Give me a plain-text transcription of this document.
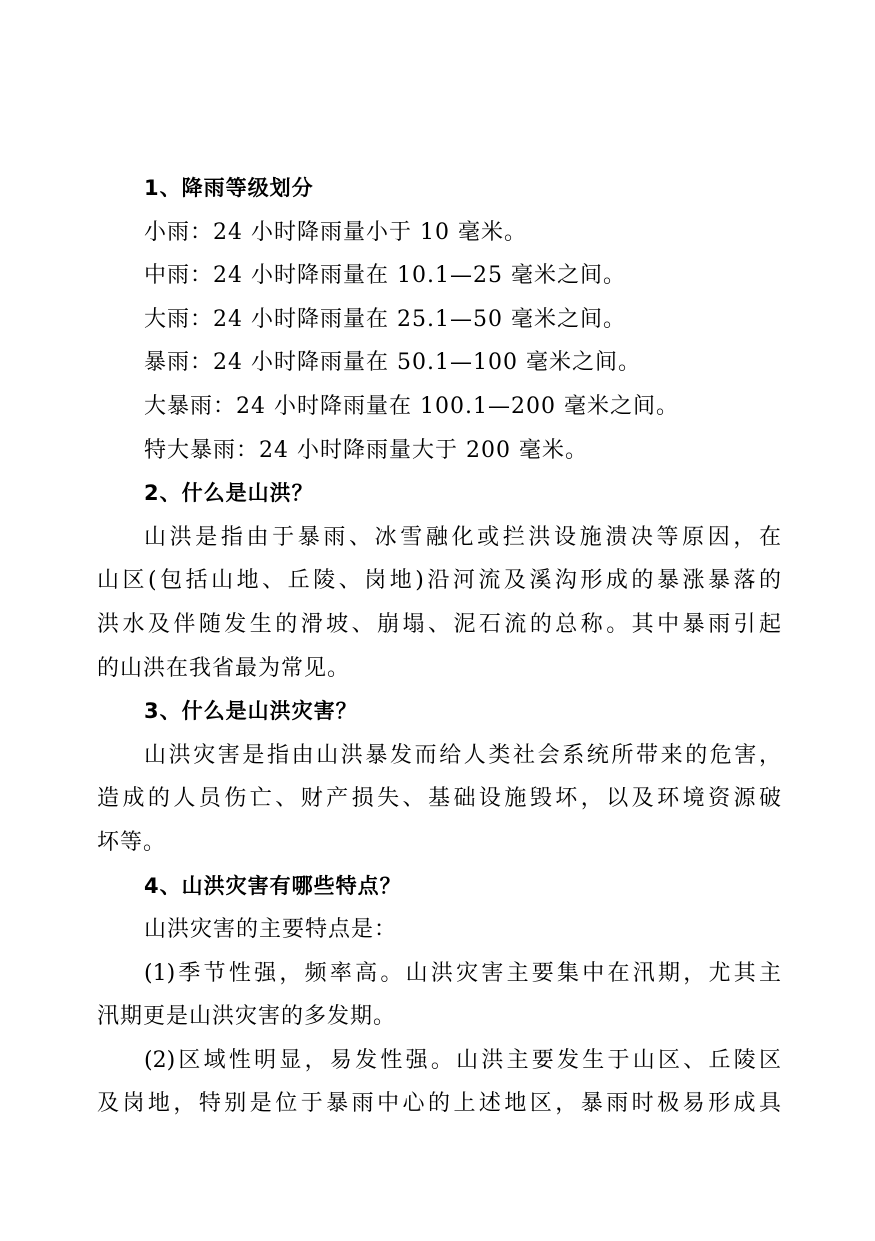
1、降雨等级划分
小雨：24 小时降雨量小于 10 毫米。
中雨：24 小时降雨量在 10.1—25 毫米之间。
大雨：24 小时降雨量在 25.1—50 毫米之间。
暴雨：24 小时降雨量在 50.1—100 毫米之间。
大暴雨：24 小时降雨量在 100.1—200 毫米之间。
特大暴雨：24 小时降雨量大于 200 毫米。
2、什么是山洪？
山洪是指由于暴雨、冰雪融化或拦洪设施溃决等原因，在
山区(包括山地、丘陵、岗地)沿河流及溪沟形成的暴涨暴落的
洪水及伴随发生的滑坡、崩塌、泥石流的总称。其中暴雨引起
的山洪在我省最为常见。
3、什么是山洪灾害？
山洪灾害是指由山洪暴发而给人类社会系统所带来的危害，
造成的人员伤亡、财产损失、基础设施毁坏，以及环境资源破
坏等。
4、山洪灾害有哪些特点？
山洪灾害的主要特点是：
(1)季节性强，频率高。山洪灾害主要集中在汛期，尤其主
汛期更是山洪灾害的多发期。
(2)区域性明显，易发性强。山洪主要发生于山区、丘陵区
及岗地，特别是位于暴雨中心的上述地区，暴雨时极易形成具
